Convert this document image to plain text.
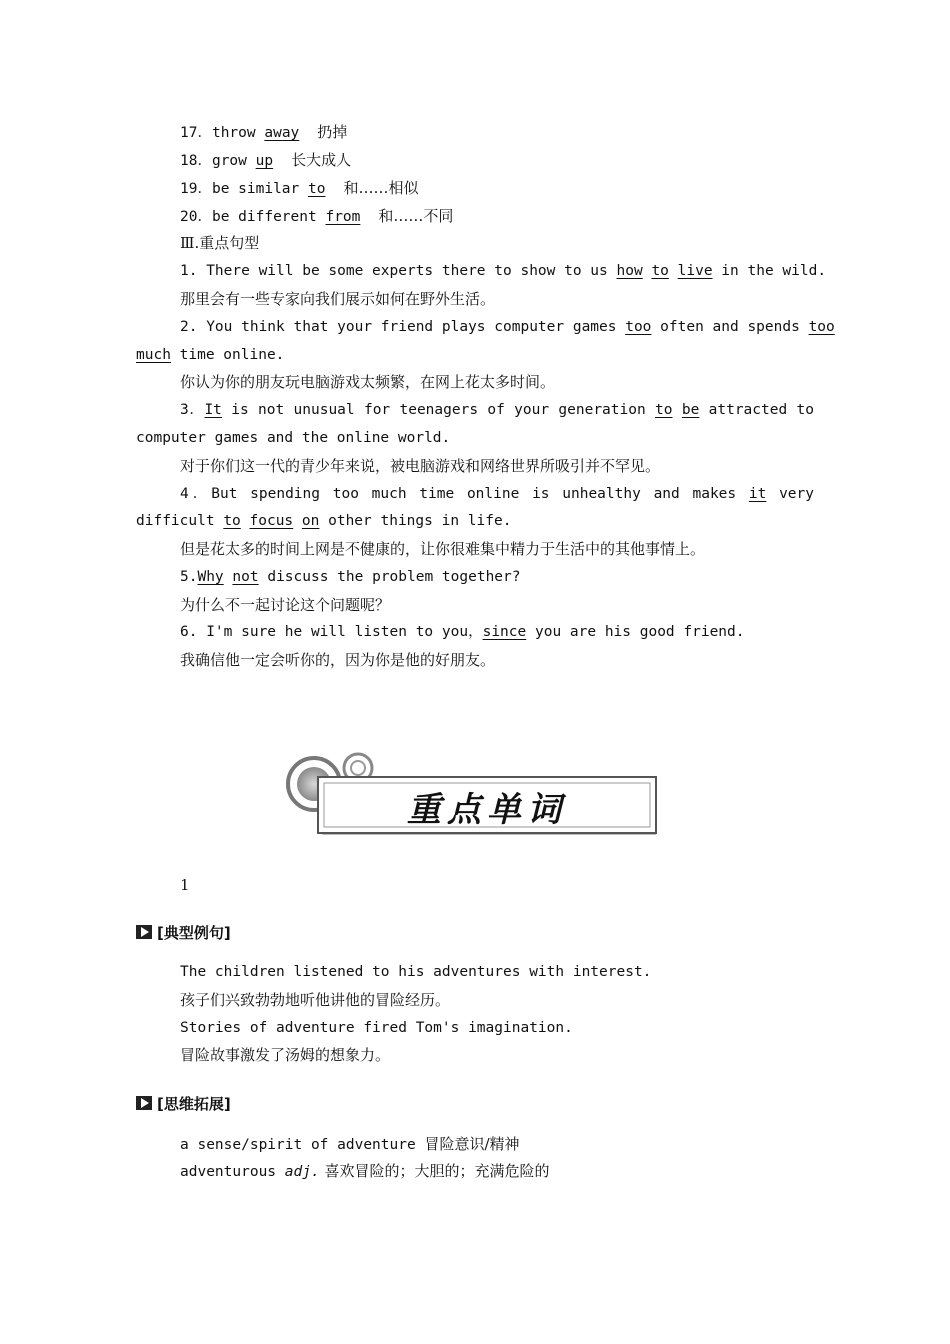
17．throw away 扔掉
18．grow up 长大成人
19．be similar to 和……相似
20．be different from 和……不同
Ⅲ.重点句型
1. There will be some experts there to show to us how to live in the wild.
那里会有一些专家向我们展示如何在野外生活。
2. You think that your friend plays computer games too often and spends too
much time online.
你认为你的朋友玩电脑游戏太频繁，在网上花太多时间。
3．It is not unusual for teenagers of your generation to be attracted to
computer games and the online world.
对于你们这一代的青少年来说，被电脑游戏和网络世界所吸引并不罕见。
4．But spending too much time online is unhealthy and makes it very
difficult to focus on other things in life.
但是花太多的时间上网是不健康的，让你很难集中精力于生活中的其他事情上。
5.Why not discuss the problem together?
为什么不一起讨论这个问题呢？
6. I'm sure he will listen to you，since you are his good friend.
我确信他一定会听你的，因为你是他的好朋友。
重点单词
1
[典型例句]
The children listened to his adventures with interest.
孩子们兴致勃勃地听他讲他的冒险经历。
Stories of adventure fired Tom's imagination.
冒险故事激发了汤姆的想象力。
[思维拓展]
a sense/spirit of adventure 冒险意识/精神
adventurous adj. 喜欢冒险的；大胆的；充满危险的
